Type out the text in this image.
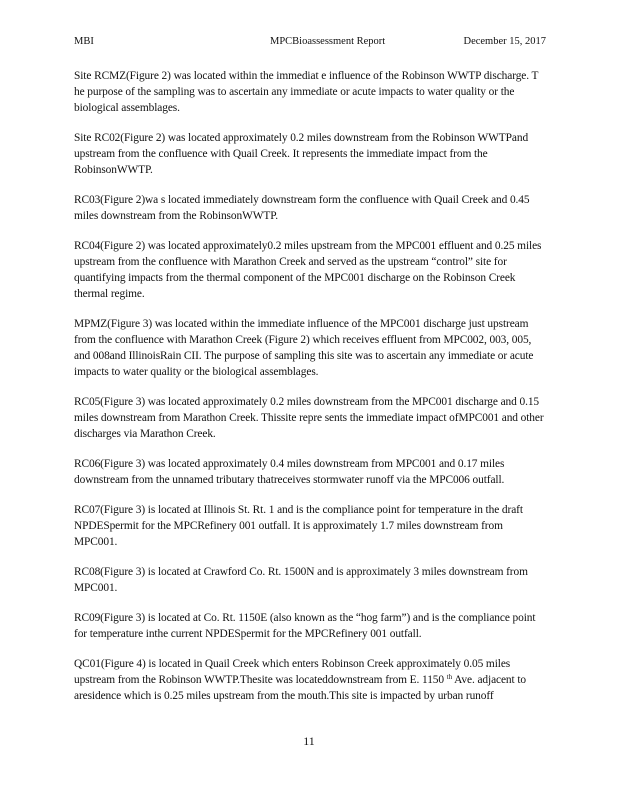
MBI	MPCBioassessment Report	December 15, 2017

Site RCMZ(Figure 2) was located within the immediat e influence of the Robinson WWTP discharge. T he purpose of the sampling was to ascertain any immediate or acute impacts to water quality or the biological assemblages.

Site RC02(Figure 2) was located approximately 0.2 miles downstream from the Robinson WWTPand upstream from the confluence with Quail Creek. It represents the immediate impact from the RobinsonWWTP.

RC03(Figure 2)wa s located immediately downstream form the confluence with Quail Creek and 0.45 miles downstream from the RobinsonWWTP.

RC04(Figure 2) was located approximately0.2 miles upstream from the MPC001 effluent and 0.25 miles upstream from the confluence with Marathon Creek and served as the upstream “control” site for quantifying impacts from the thermal component of the MPC001 discharge on the Robinson Creek thermal regime.

MPMZ(Figure 3) was located within the immediate influence of the MPC001 discharge just upstream from the confluence with Marathon Creek (Figure 2) which receives effluent from MPC002, 003, 005, and 008and IllinoisRain CII. The purpose of sampling this site was to ascertain any immediate or acute impacts to water quality or the biological assemblages.

RC05(Figure 3) was located approximately 0.2 miles downstream from the MPC001 discharge and 0.15 miles downstream from Marathon Creek. Thissite repre sents the immediate impact ofMPC001 and other discharges via Marathon Creek.

RC06(Figure 3) was located approximately 0.4 miles downstream from MPC001 and 0.17 miles downstream from the unnamed tributary thatreceives stormwater runoff via the MPC006 outfall.

RC07(Figure 3) is located at Illinois St. Rt. 1 and is the compliance point for temperature in the draft NPDESpermit for the MPCRefinery 001 outfall. It is approximately 1.7 miles downstream from MPC001.

RC08(Figure 3) is located at Crawford Co. Rt. 1500N and is approximately 3 miles downstream from MPC001.

RC09(Figure 3) is located at Co. Rt. 1150E (also known as the “hog farm”) and is the compliance point for temperature inthe current NPDESpermit for the MPCRefinery 001 outfall.

QC01(Figure 4) is located in Quail Creek which enters Robinson Creek approximately 0.05 miles upstream from the Robinson WWTP.Thesite was locateddownstream from E. 1150 $^{th}$ Ave. adjacent to aresidence which is 0.25 miles upstream from the mouth.This site is impacted by urban runoff

11
